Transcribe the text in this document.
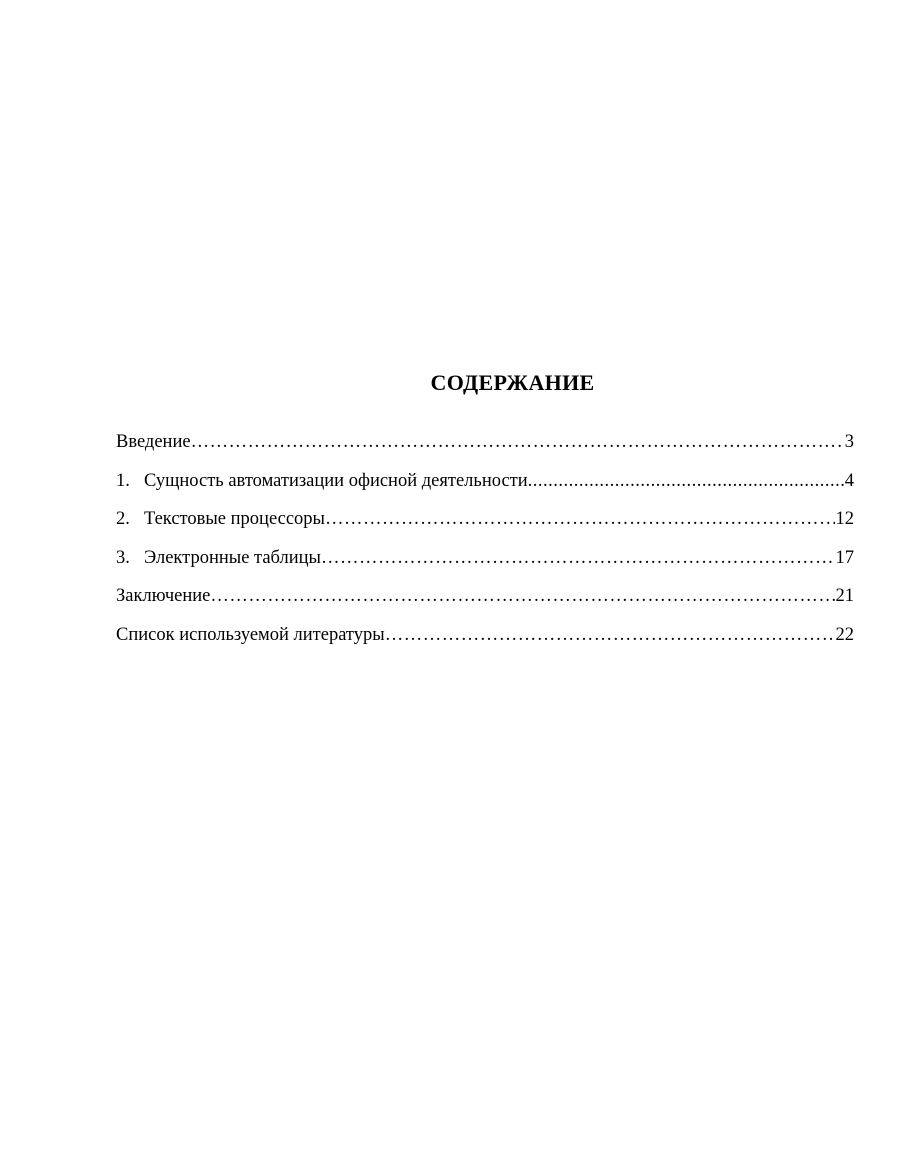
СОДЕРЖАНИЕ
Введение …………………………………………………………………………………………………………………………………………	3
1. Сущность автоматизации офисной деятельности .....	4
2. Текстовые процессоры …………………………………………………………………………………………………………………………………………	12
3. Электронные таблицы …………………………………………………………………………………………………………………………………………	17
Заключение …………………………………………………………………………………………………………………………………………	21
Список используемой литературы …………………………………………………………………………………………………………………………………………	22
